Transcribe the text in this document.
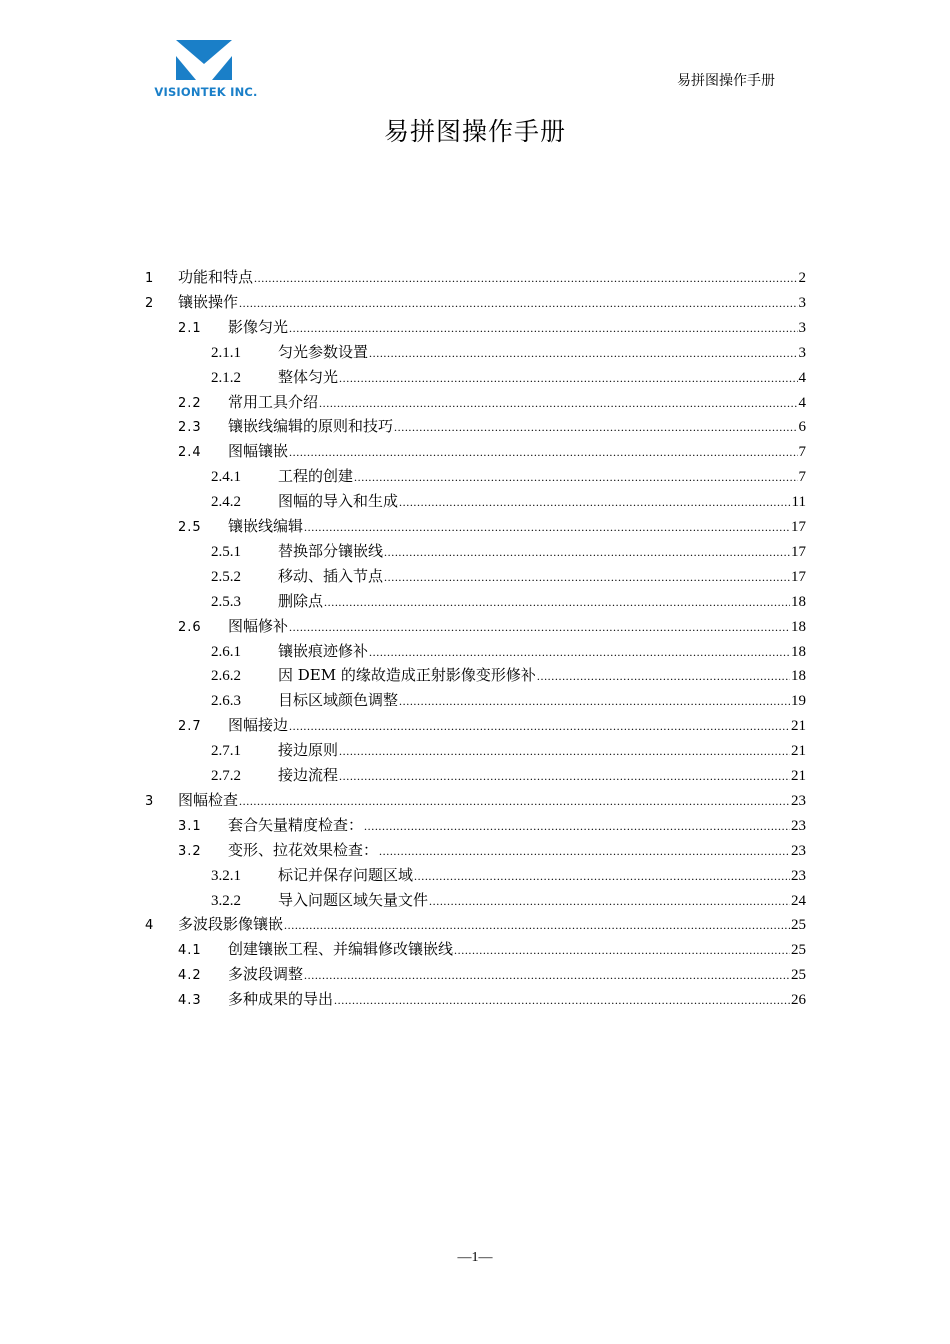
VISIONTEK INC.
易拼图操作手册
易拼图操作手册
1	功能和特点 .....	2
2	镶嵌操作 .....	3
2.1	影像匀光 .....	3
2.1.1	匀光参数设置 .....	3
2.1.2	整体匀光 .....	4
2.2	常用工具介绍 .....	4
2.3	镶嵌线编辑的原则和技巧 .....	6
2.4	图幅镶嵌 .....	7
2.4.1	工程的创建 .....	7
2.4.2	图幅的导入和生成 .....	11
2.5	镶嵌线编辑 .....	17
2.5.1	替换部分镶嵌线 .....	17
2.5.2	移动、插入节点 .....	17
2.5.3	删除点 .....	18
2.6	图幅修补 .....	18
2.6.1	镶嵌痕迹修补 .....	18
2.6.2	因 DEM 的缘故造成正射影像变形修补 .....	18
2.6.3	目标区域颜色调整 .....	19
2.7	图幅接边 .....	21
2.7.1	接边原则 .....	21
2.7.2	接边流程 .....	21
3	图幅检查 .....	23
3.1	套合矢量精度检查： .....	23
3.2	变形、拉花效果检查： .....	23
3.2.1	标记并保存问题区域 .....	23
3.2.2	导入问题区域矢量文件 .....	24
4	多波段影像镶嵌 .....	25
4.1	创建镶嵌工程、并编辑修改镶嵌线 .....	25
4.2	多波段调整 .....	25
4.3	多种成果的导出 .....	26
—1—
